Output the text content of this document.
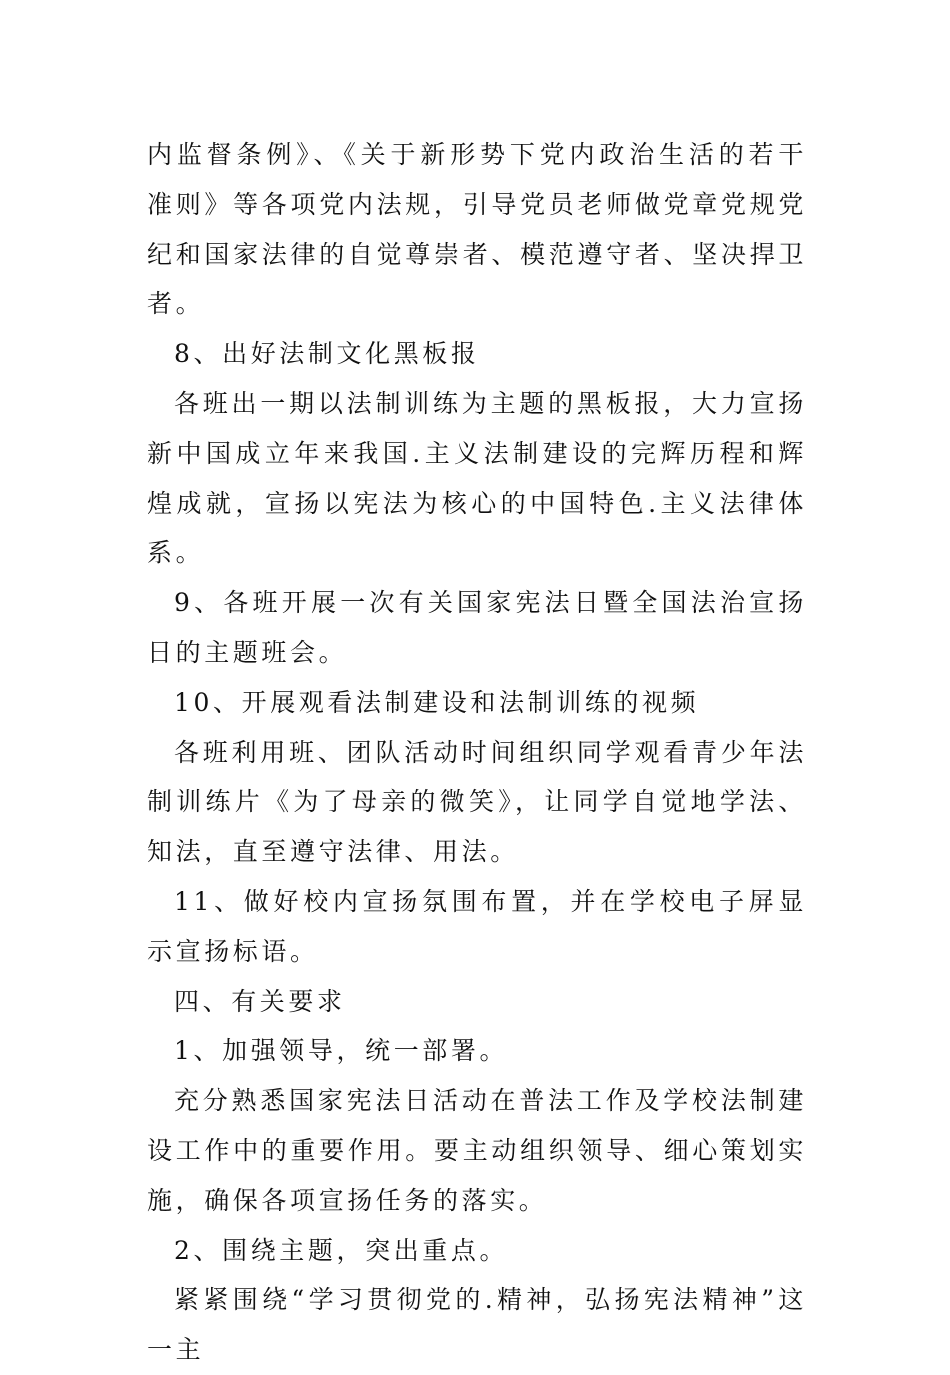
内监督条例》、《关于新形势下党内政治生活的若干准则》等各项党内法规，引导党员老师做党章党规党纪和国家法律的自觉尊崇者、模范遵守者、坚决捍卫者。

8、出好法制文化黑板报

各班出一期以法制训练为主题的黑板报，大力宣扬新中国成立年来我国.主义法制建设的完辉历程和辉煌成就，宣扬以宪法为核心的中国特色.主义法律体系。

9、各班开展一次有关国家宪法日暨全国法治宣扬日的主题班会。

10、开展观看法制建设和法制训练的视频

各班利用班、团队活动时间组织同学观看青少年法制训练片《为了母亲的微笑》，让同学自觉地学法、知法，直至遵守法律、用法。

11、做好校内宣扬氛围布置，并在学校电子屏显示宣扬标语。

四、有关要求

1、加强领导，统一部署。

充分熟悉国家宪法日活动在普法工作及学校法制建设工作中的重要作用。要主动组织领导、细心策划实施，确保各项宣扬任务的落实。

2、围绕主题，突出重点。

紧紧围绕“学习贯彻党的.精神，弘扬宪法精神”这一主
